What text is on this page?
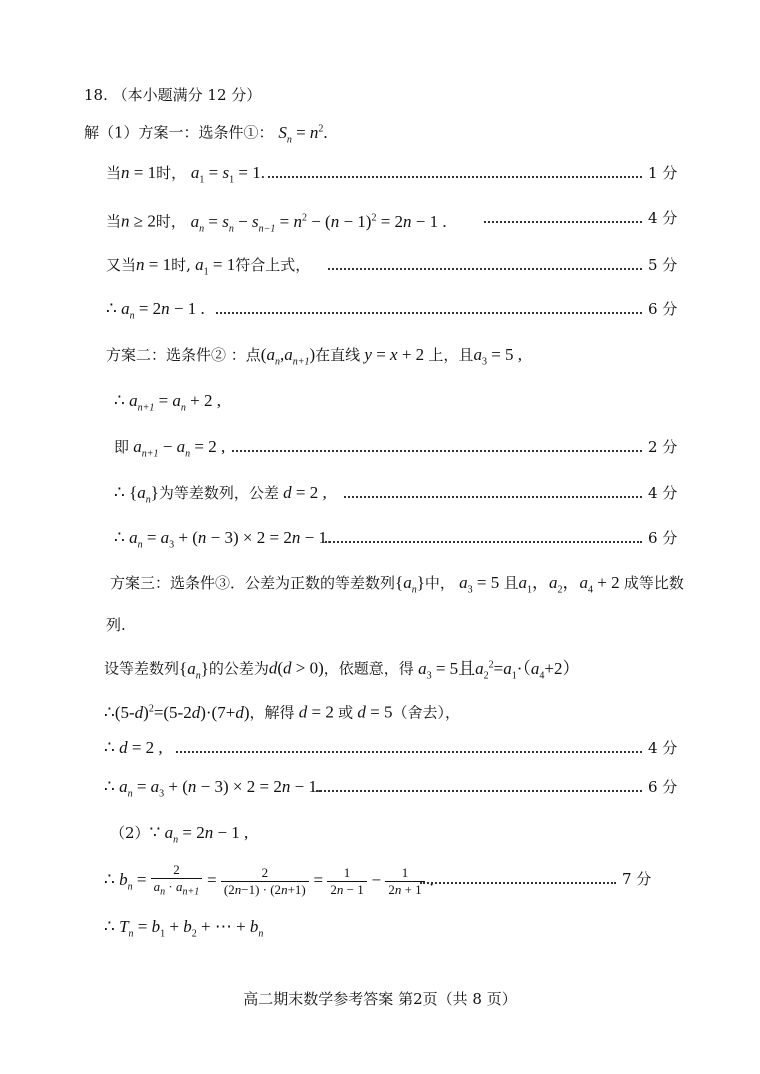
18. （本小题满分 12 分）
解（1）方案一：选条件①： $S_n = n^2$.
当n = 1时， $a_1 = s_1 = 1$.	1 分
当n ≥ 2时， $a_n = s_n - s_{n-1} = n^2 - (n - 1)^2 = 2n - 1$ .	4 分
又当n = 1时, $a_1 = 1$符合上式，	5 分
∴ $a_n = 2n - 1$ .	6 分
方案二：选条件② ：点$(a_n,a_{n+1})$在直线 y = x + 2 上，且$a_3 = 5$ ,
∴ $a_{n+1} = a_n + 2$ ,
即 $a_{n+1} - a_n = 2$ ,	2 分
∴ $\{a_n\}$为等差数列，公差 d = 2 ,	4 分
∴ $a_n = a_3 + (n - 3) \times 2 = 2n - 1$.	6 分
方案三：选条件③．公差为正数的等差数列$\{a_n\}$中， $a_3 = 5$ 且$a_1$，$a_2$，$a_4 + 2$ 成等比数
列.
设等差数列$\{a_n\}$的公差为d(d > 0)，依题意，得 $a_3 = 5$且$a_2^2=a_1\cdot(a_4+2)$
$\therefore(5-d)^2=(5-2d)\cdot(7+d)$，解得 d = 2 或 d = 5（舍去），
∴ d = 2 ,	4 分
∴ $a_n = a_3 + (n - 3) \times 2 = 2n - 1$.	6 分
（2）∵ $a_n = 2n - 1$ ,
∴ $b_n = \frac{2}{a_n \cdot a_{n+1}} = \frac{2}{(2n-1) \cdot (2n+1)} = \frac{1}{2n - 1} - \frac{1}{2n + 1}$ .	7 分
∴ $T_n = b_1 + b_2$ + ⋯ + $b_n$
高二期末数学参考答案 第2页（共 8 页）
